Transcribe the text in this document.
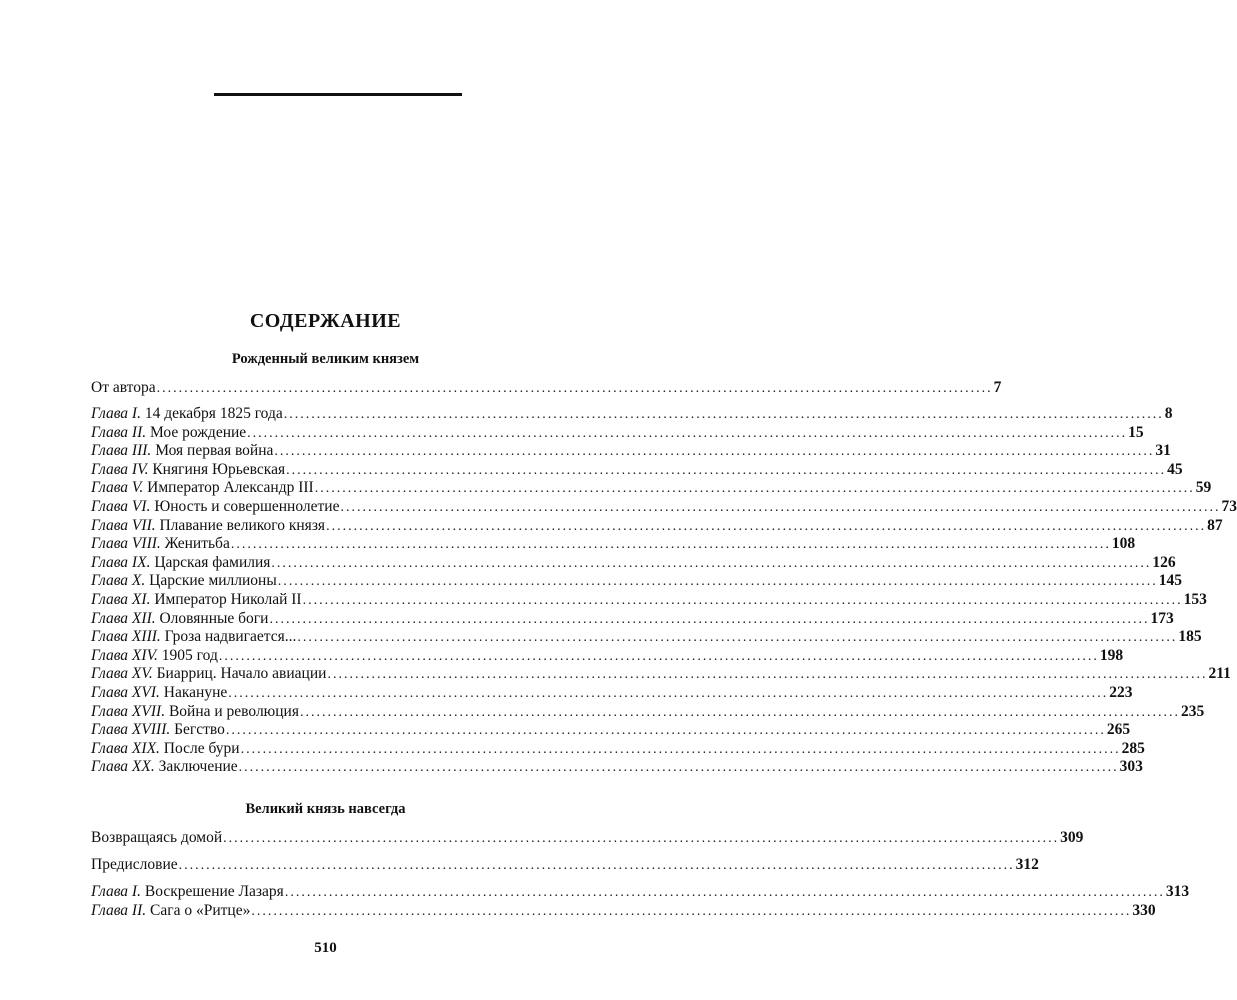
СОДЕРЖАНИЕ
Рожденный великим князем
От автора ........................................................................................................................................................ 7
Глава I. 14 декабря 1825 года ................................................................................................................................................................ 8
Глава II. Мое рождение ................................................................................................................................................................ 15
Глава III. Моя первая война ................................................................................................................................................................ 31
Глава IV. Княгиня Юрьевская ................................................................................................................................................................ 45
Глава V. Император Александр III ................................................................................................................................................................ 59
Глава VI. Юность и совершеннолетие ................................................................................................................................................................ 73
Глава VII. Плавание великого князя ................................................................................................................................................................ 87
Глава VIII. Женитьба ................................................................................................................................................................ 108
Глава IX. Царская фамилия ................................................................................................................................................................ 126
Глава X. Царские миллионы ................................................................................................................................................................ 145
Глава XI. Император Николай II ................................................................................................................................................................ 153
Глава XII. Оловянные боги ................................................................................................................................................................ 173
Глава XIII. Гроза надвигается... ................................................................................................................................................................ 185
Глава XIV. 1905 год ................................................................................................................................................................ 198
Глава XV. Биарриц. Начало авиации ................................................................................................................................................................ 211
Глава XVI. Накануне ................................................................................................................................................................ 223
Глава XVII. Война и революция ................................................................................................................................................................ 235
Глава XVIII. Бегство ................................................................................................................................................................ 265
Глава XIX. После бури ................................................................................................................................................................ 285
Глава XX. Заключение ................................................................................................................................................................ 303
Великий князь навсегда
Возвращаясь домой ........................................................................................................................................................ 309
Предисловие ........................................................................................................................................................ 312
Глава I. Воскрешение Лазаря ................................................................................................................................................................ 313
Глава II. Сага о «Ритце» ................................................................................................................................................................ 330
510
